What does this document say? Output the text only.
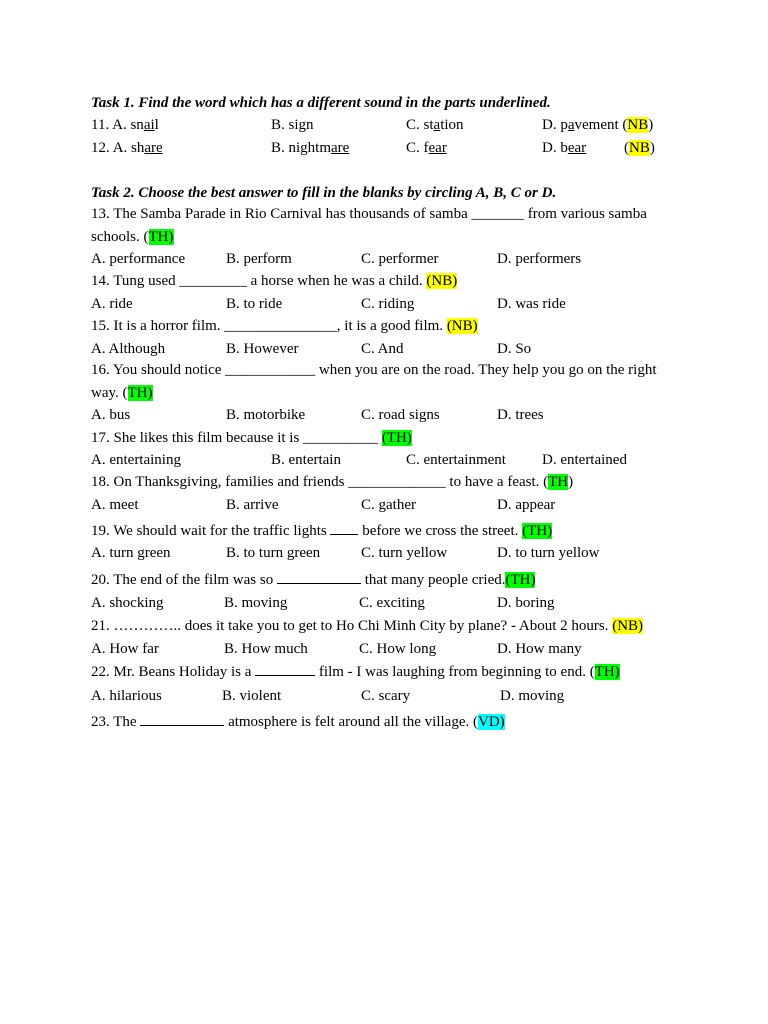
Task 1. Find the word which has a different sound in the parts underlined.
11. A. snail	B. sign	C. station	D. pavement (NB)
12. A. share	B. nightmare	C. fear	D. bear	(NB)
Task 2. Choose the best answer to fill in the blanks by circling A, B, C or D.
13. The Samba Parade in Rio Carnival has thousands of samba _______ from various samba
schools. (TH)
A. performance	B. perform	C. performer	D. performers
14. Tung used _________ a horse when he was a child. (NB)
A. ride	B. to ride	C. riding	D. was ride
15. It is a horror film. _______________, it is a good film. (NB)
A. Although	B. However	C. And	D. So
16. You should notice ____________ when you are on the road. They help you go on the right
way. (TH)
A. bus	B. motorbike	C. road signs	D. trees
17. She likes this film because it is __________ (TH)
A. entertaining	B. entertain	C. entertainment D. entertained
18. On Thanksgiving, families and friends _____________ to have a feast. (TH)
A. meet	B. arrive	C. gather	D. appear
19. We should wait for the traffic lights  before we cross the street. (TH)
A. turn green	B. to turn green	C. turn yellow	D. to turn yellow
20. The end of the film was so	that many people cried.(TH)
A. shocking	B. moving	C. exciting	D. boring
21. ………….. does it take you to get to Ho Chi Minh City by plane? - About 2 hours. (NB)
A. How far	B. How much	C. How long	D. How many
22. Mr. Beans Holiday is a	film - I was laughing from beginning to end. (TH)
A. hilarious	B. violent	C. scary	D. moving
23. The	atmosphere is felt around all the village. (VD)
